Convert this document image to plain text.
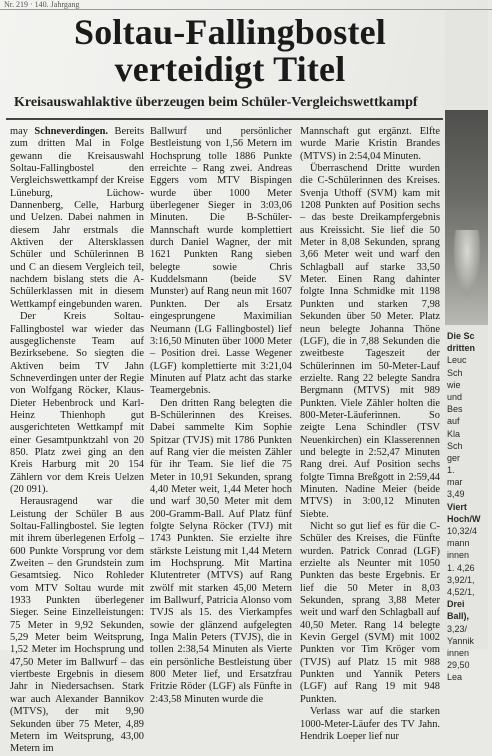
Nr. 219 · 140. Jahrgang
Soltau-Fallingbostel
verteidigt Titel
Kreisauswahlaktive überzeugen beim Schüler-Vergleichswettkampf

may Schneverdingen. Bereits zum dritten Mal in Folge gewann die Kreisauswahl Soltau-Fallingbostel den Vergleichswettkampf der Kreise Lüneburg, Lüchow-Dannenberg, Celle, Harburg und Uelzen. Dabei nahmen in diesem Jahr erstmals die Aktiven der Altersklassen Schüler und Schülerinnen B und C an diesem Vergleich teil, nachdem bislang stets die A-Schülerklassen mit in diesem Wettkampf eingebunden waren.

Der Kreis Soltau-Fallingbostel war wieder das ausgeglichenste Team auf Bezirksebene. So siegten die Aktiven beim TV Jahn Schneverdingen unter der Regie von Wolfgang Röcker, Klaus-Dieter Hebenbrock und Karl-Heinz Thienhoph gut ausgerichteten Wettkampf mit einer Gesamtpunktzahl von 20 850. Platz zwei ging an den Kreis Harburg mit 20 154 Zählern vor dem Kreis Uelzen (20 091).

Herausragend war die Leistung der Schüler B aus Soltau-Fallingbostel. Sie legten mit ihrem überlegenen Erfolg – 600 Punkte Vorsprung vor dem Zweiten – den Grundstein zum Gesamtsieg. Nico Rohleder vom MTV Soltau wurde mit 1933 Punkten überlegener Sieger. Seine Einzelleistungen: 75 Meter in 9,92 Sekunden, 5,29 Meter beim Weitsprung, 1,52 Meter im Hochsprung und 47,50 Meter im Ballwurf – das viertbeste Ergebnis in diesem Jahr in Niedersachsen. Stark war auch Alexander Bannikov (MTVS), der mit 9,90 Sekunden über 75 Meter, 4,89 Metern im Weitsprung, 43,00 Metern im

Ballwurf und persönlicher Bestleistung von 1,56 Metern im Hochsprung tolle 1886 Punkte erreichte – Rang zwei. Andreas Eggers vom MTV Bispingen wurde über 1000 Meter überlegener Sieger in 3:03,06 Minuten. Die B-Schüler-Mannschaft wurde komplettiert durch Daniel Wagner, der mit 1621 Punkten Rang sieben belegte sowie Chris Kuddelsmann (beide SV Munster) auf Rang neun mit 1607 Punkten. Der als Ersatz eingesprungene Maximilian Neumann (LG Fallingbostel) lief 3:16,50 Minuten über 1000 Meter – Position drei. Lasse Wegener (LGF) komplettierte mit 3:21,04 Minuten auf Platz acht das starke Teamergebnis.

Den dritten Rang belegten die B-Schülerinnen des Kreises. Dabei sammelte Kim Sophie Spitzar (TVJS) mit 1786 Punkten auf Rang vier die meisten Zähler für ihr Team. Sie lief die 75 Meter in 10,91 Sekunden, sprang 4,40 Meter weit, 1,44 Meter hoch und warf 30,50 Meter mit dem 200-Gramm-Ball. Auf Platz fünf folgte Selyna Röcker (TVJ) mit 1743 Punkten. Sie erzielte ihre stärkste Leistung mit 1,44 Metern im Hochsprung. Mit Martina Klutentreter (MTVS) auf Rang zwölf mit starken 45,00 Metern im Ballwurf, Patricia Alonso vom TVJS als 15. des Vierkampfes sowie der glänzend aufgelegten Inga Malin Peters (TVJS), die in tollen 2:38,54 Minuten als Vierte ein persönliche Bestleistung über 800 Meter lief, und Ersatzfrau Fritzie Röder (LGF) als Fünfte in 2:43,58 Minuten wurde die

Mannschaft gut ergänzt. Elfte wurde Marie Kristin Brandes (MTVS) in 2:54,04 Minuten.

Überraschend Dritte wurden die C-Schülerinnen des Kreises. Svenja Uthoff (SVM) kam mit 1208 Punkten auf Position sechs – das beste Dreikampfergebnis aus Kreissicht. Sie lief die 50 Meter in 8,08 Sekunden, sprang 3,66 Meter weit und warf den Schlagball auf starke 33,50 Meter. Einen Rang dahinter folgte Inna Schmidke mit 1198 Punkten und starken 7,98 Sekunden über 50 Meter. Platz neun belegte Johanna Thöne (LGF), die in 7,88 Sekunden die zweitbeste Tageszeit der Schülerinnen im 50-Meter-Lauf erzielte. Rang 22 belegte Sandra Bergmann (MTVS) mit 989 Punkten. Viele Zähler holten die 800-Meter-Läuferinnen. So zeigte Lena Schindler (TSV Neuenkirchen) ein Klasserennen und belegte in 2:52,47 Minuten Rang drei. Auf Position sechs folgte Timna Breßgott in 2:59,44 Minuten. Nadine Meier (beide MTVS) in 3:00,12 Minuten Siebte.

Nicht so gut lief es für die C-Schüler des Kreises, die Fünfte wurden. Patrick Conrad (LGF) erzielte als Neunter mit 1050 Punkten das beste Ergebnis. Er lief die 50 Meter in 8,03 Sekunden, sprang 3,88 Meter weit und warf den Schlagball auf 40,50 Meter. Rang 14 belegte Kevin Gergel (SVM) mit 1002 Punkten vor Tim Kröger vom (TVJS) auf Platz 15 mit 988 Punkten und Yannik Peters (LGF) auf Rang 19 mit 948 Punkten.

Verlass war auf die starken 1000-Meter-Läufer des TV Jahn. Hendrik Loeper lief nur

Die Sc
dritten
Leuc
Sch
wie
und
Bes
auf
Kla
Sch
ger
1.
mar
3,49
Viert
Hoch/W
10,32/4
mann
innen
1. 4,26
3,92/1,
4,52/1,
Drei
Ball),
3,23/
Yannik
innen
29,50
Lea
